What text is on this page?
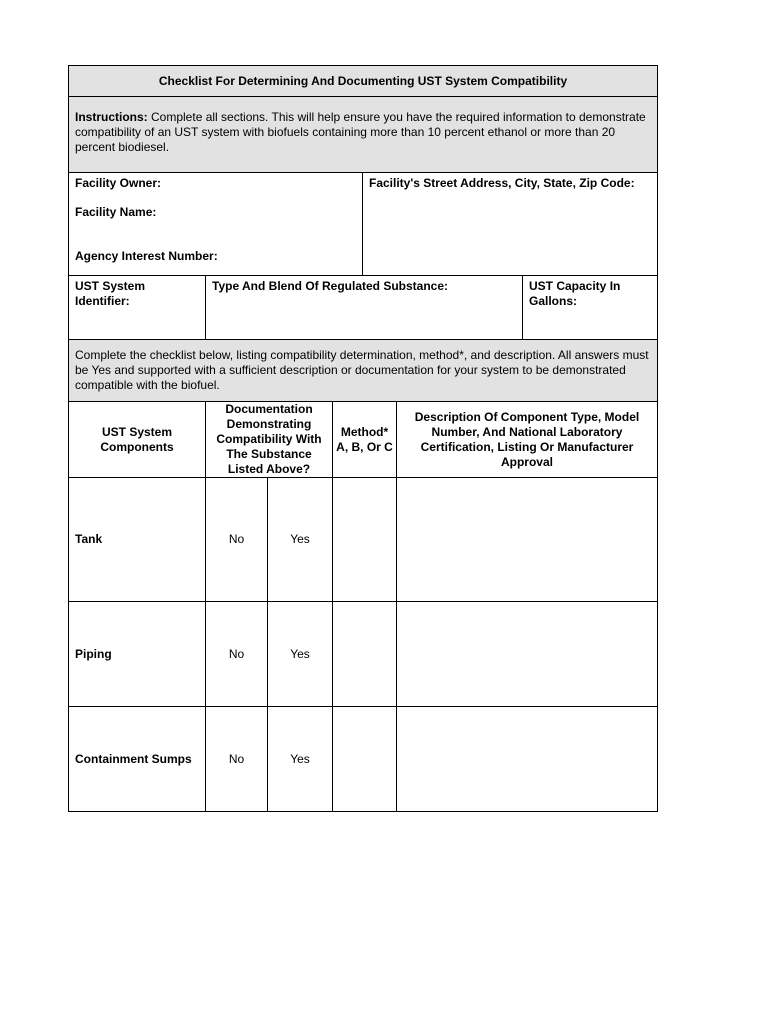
Checklist For Determining And Documenting UST System Compatibility						
Instructions: Complete all sections. This will help ensure you have the required information to demonstrate compatibility of an UST system with biofuels containing more than 10 percent ethanol or more than 20 percent biodiesel.						

Facility Owner:
Facility Name:
Agency Interest Number:				Facility's Street Address, City, State, Zip Code:		

UST System Identifier:	Type And Blend Of Regulated Substance:					UST Capacity In Gallons:
Complete the checklist below, listing compatibility determination, method*, and description. All answers must be Yes and supported with a sufficient description or documentation for your system to be demonstrated compatible with the biofuel.						
UST System Components	Documentation Demonstrating Compatibility With The Substance Listed Above?		Method* A, B, Or C		Description Of Component Type, Model Number, And National Laboratory Certification, Listing Or Manufacturer Approval	
Tank	No	Yes				
Piping	No	Yes				
Containment Sumps	No	Yes				
